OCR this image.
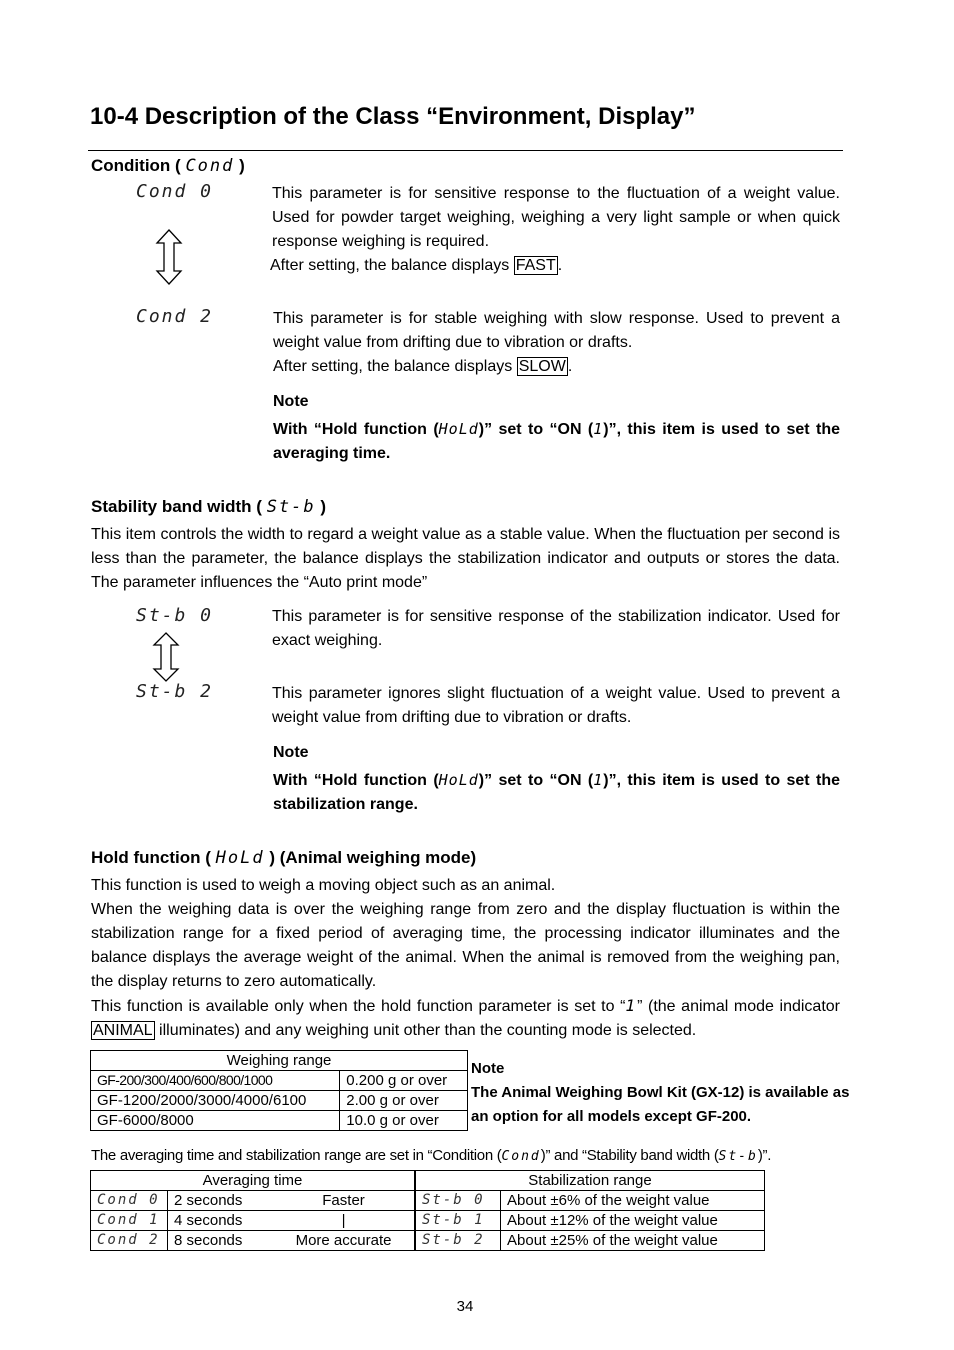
10-4 Description of the Class “Environment, Display”
Condition ( Cond )
Cond 0	This parameter is for sensitive response to the fluctuation of a weight value. Used for powder target weighing, weighing a very light sample or when quick response weighing is required.

After setting, the balance displays FAST .

Cond 2	This parameter is for stable weighing with slow response. Used to prevent a weight value from drifting due to vibration or drafts.

After setting, the balance displays SLOW .

Note

With “Hold function (HoLd)” set to “ON (1)”, this item is used to set the averaging time.

Stability band width ( St-b )
This item controls the width to regard a weight value as a stable value. When the fluctuation per second is less than the parameter, the balance displays the stabilization indicator and outputs or stores the data. The parameter influences the “Auto print mode”
St-b 0	This parameter is for sensitive response of the stabilization indicator. Used for exact weighing.
St-b 2	This parameter ignores slight fluctuation of a weight value. Used to prevent a weight value from drifting due to vibration or drafts.

Note

With “Hold function (HoLd)” set to “ON (1)”, this item is used to set the stabilization range.

Hold function ( HoLd ) (Animal weighing mode)

This function is used to weigh a moving object such as an animal.

When the weighing data is over the weighing range from zero and the display fluctuation is within the stabilization range for a fixed period of averaging time, the processing indicator illuminates and the balance displays the average weight of the animal. When the animal is removed from the weighing pan, the display returns to zero automatically.

This function is available only when the hold function parameter is set to “1” (the animal mode indicator ANIMAL illuminates) and any weighing unit other than the counting mode is selected.

Weighing range	
GF-200/300/400/600/800/1000	0.200 g or over
GF-1200/2000/3000/4000/6100	2.00 g or over
GF-6000/8000	10.0 g or over

Note

The Animal Weighing Bowl Kit (GX-12) is available as an option for all models except GF-200.

The averaging time and stabilization range are set in “Condition (Cond)” and “Stability band width (St-b)”.
Averaging time		
Cond 0	2 seconds	Faster
Cond 1	4 seconds	|
Cond 2	8 seconds	More accurate
Stabilization range	
St-b 0	About ±6% of the weight value
St-b 1	About ±12% of the weight value
St-b 2	About ±25% of the weight value
34
